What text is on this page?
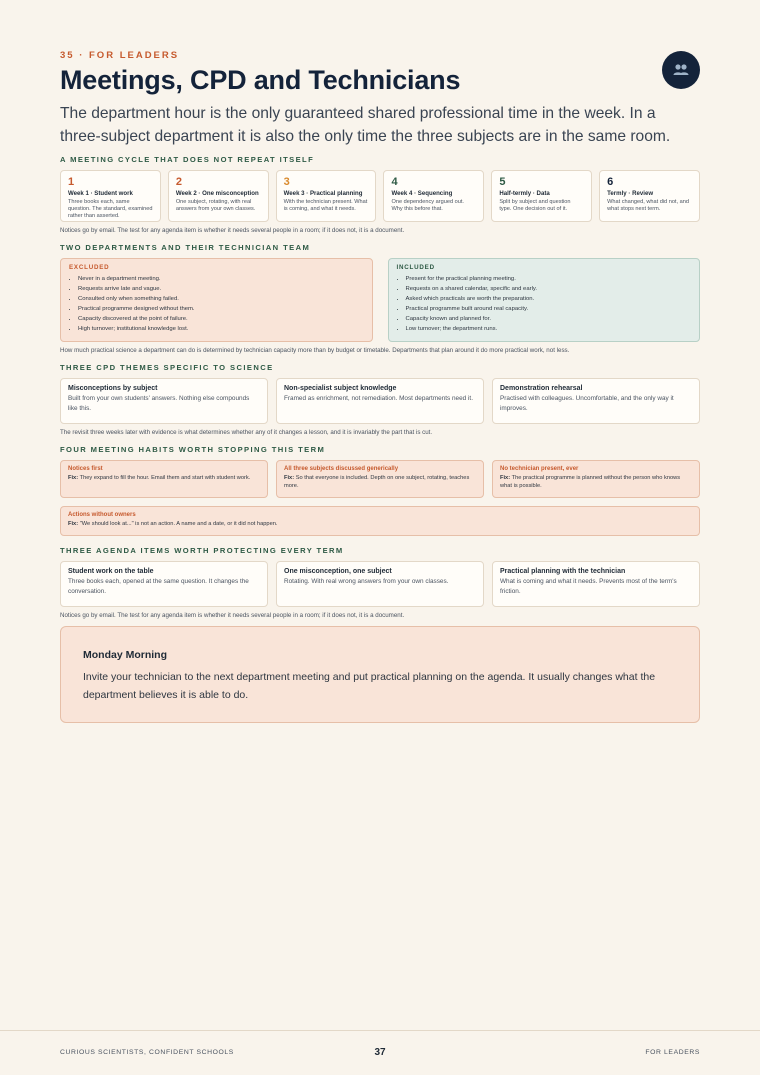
35 · FOR LEADERS
Meetings, CPD and Technicians

The department hour is the only guaranteed shared professional time in the week. In a three-subject department it is also the only time the three subjects are in the same room.

A MEETING CYCLE THAT DOES NOT REPEAT ITSELF
1
Week 1 · Student work
Three books each, same question. The standard, examined rather than asserted.
2
Week 2 · One misconception
One subject, rotating, with real answers from your own classes.
3
Week 3 · Practical planning
With the technician present. What is coming, and what it needs.
4
Week 4 · Sequencing
One dependency argued out. Why this before that.
5
Half-termly · Data
Split by subject and question type. One decision out of it.
6
Termly · Review
What changed, what did not, and what stops next term.
Notices go by email. The test for any agenda item is whether it needs several people in a room; if it does not, it is a document.
TWO DEPARTMENTS AND THEIR TECHNICIAN TEAM
EXCLUDED
• Never in a department meeting.
• Requests arrive late and vague.
• Consulted only when something failed.
• Practical programme designed without them.
• Capacity discovered at the point of failure.
• High turnover; institutional knowledge lost.
INCLUDED
• Present for the practical planning meeting.
• Requests on a shared calendar, specific and early.
• Asked which practicals are worth the preparation.
• Practical programme built around real capacity.
• Capacity known and planned for.
• Low turnover; the department runs.
How much practical science a department can do is determined by technician capacity more than by budget or timetable. Departments that plan around it do more practical work, not less.
THREE CPD THEMES SPECIFIC TO SCIENCE
Misconceptions by subject
Built from your own students' answers. Nothing else compounds like this.
Non-specialist subject knowledge
Framed as enrichment, not remediation. Most departments need it.
Demonstration rehearsal
Practised with colleagues. Uncomfortable, and the only way it improves.
The revisit three weeks later with evidence is what determines whether any of it changes a lesson, and it is invariably the part that is cut.
FOUR MEETING HABITS WORTH STOPPING THIS TERM
Notices first
Fix: They expand to fill the hour. Email them and start with student work.
All three subjects discussed generically
Fix: So that everyone is included. Depth on one subject, rotating, teaches more.
No technician present, ever
Fix: The practical programme is planned without the person who knows what is possible.
Actions without owners
Fix: "We should look at..." is not an action. A name and a date, or it did not happen.
THREE AGENDA ITEMS WORTH PROTECTING EVERY TERM
Student work on the table
Three books each, opened at the same question. It changes the conversation.
One misconception, one subject
Rotating. With real wrong answers from your own classes.
Practical planning with the technician
What is coming and what it needs. Prevents most of the term's friction.
Notices go by email. The test for any agenda item is whether it needs several people in a room; if it does not, it is a document.
Monday Morning
Invite your technician to the next department meeting and put practical planning on the agenda. It usually changes what the department believes it is able to do.
CURIOUS SCIENTISTS, CONFIDENT SCHOOLS	37	FOR LEADERS
